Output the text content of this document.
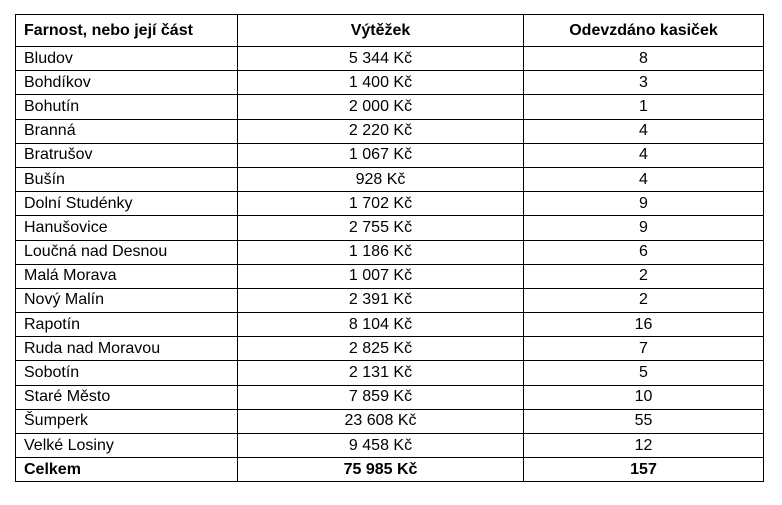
Farnost, nebo její část	Výtěžek	Odevzdáno kasiček
Bludov	5 344 Kč	8
Bohdíkov	1 400 Kč	3
Bohutín	2 000 Kč	1
Branná	2 220 Kč	4
Bratrušov	1 067 Kč	4
Bušín	928 Kč	4
Dolní Studénky	1 702 Kč	9
Hanušovice	2 755 Kč	9
Loučná nad Desnou	1 186 Kč	6
Malá Morava	1 007 Kč	2
Nový Malín	2 391 Kč	2
Rapotín	8 104 Kč	16
Ruda nad Moravou	2 825 Kč	7
Sobotín	2 131 Kč	5
Staré Město	7 859 Kč	10
Šumperk	23 608 Kč	55
Velké Losiny	9 458 Kč	12
Celkem	75 985 Kč	157
